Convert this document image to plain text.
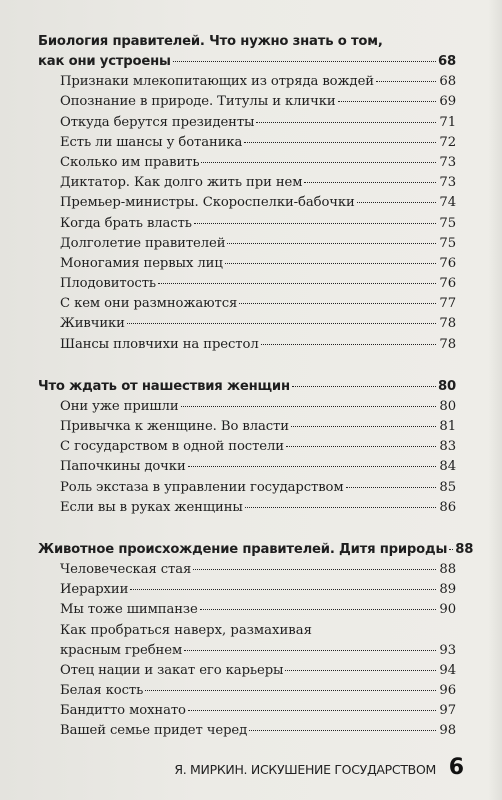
Биология правителей. Что нужно знать о том,
как они устроены	68
Признаки млекопитающих из отряда вождей	68
Опознание в природе. Титулы и клички	69
Откуда берутся президенты	71
Есть ли шансы у ботаника	72
Сколько им править	73
Диктатор. Как долго жить при нем	73
Премьер-министры. Скороспелки-бабочки	74
Когда брать власть	75
Долголетие правителей	75
Моногамия первых лиц	76
Плодовитость	76
С кем они размножаются	77
Живчики	78
Шансы пловчихи на престол	78
Что ждать от нашествия женщин	80
Они уже пришли	80
Привычка к женщине. Во власти	81
С государством в одной постели	83
Папочкины дочки	84
Роль экстаза в управлении государством	85
Если вы в руках женщины	86
Животное происхождение правителей. Дитя природы 88
Человеческая стая	88
Иерархии	89
Мы тоже шимпанзе	90
Как пробраться наверх, размахивая
красным гребнем	93
Отец нации и закат его карьеры	94
Белая кость	96
Бандитто мохнато	97
Вашей семье придет черед	98
Я. МИРКИН. ИСКУШЕНИЕ ГОСУДАРСТВОМ 6
